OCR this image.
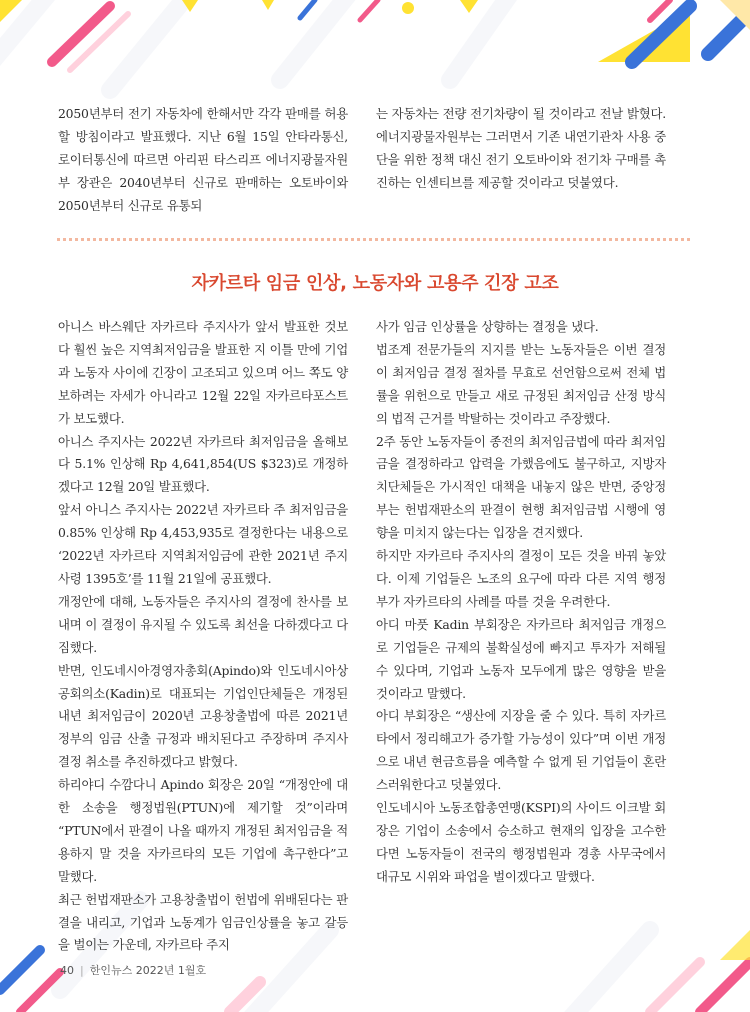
2050년부터 전기 자동차에 한해서만 각각 판매를 허용할 방침이라고 발표했다. 지난 6월 15일 안타라통신, 로이터통신에 따르면 아리핀 타스리프 에너지광물자원부 장관은 2040년부터 신규로 판매하는 오토바이와 2050년부터 신규로 유통되

는 자동차는 전량 전기차량이 될 것이라고 전날 밝혔다. 에너지광물자원부는 그러면서 기존 내연기관차 사용 중단을 위한 정책 대신 전기 오토바이와 전기차 구매를 촉진하는 인센티브를 제공할 것이라고 덧붙였다.

자카르타 임금 인상, 노동자와 고용주 긴장 고조

아니스 바스웨단 자카르타 주지사가 앞서 발표한 것보다 훨씬 높은 지역최저임금을 발표한 지 이틀 만에 기업과 노동자 사이에 긴장이 고조되고 있으며 어느 쪽도 양보하려는 자세가 아니라고 12월 22일 자카르타포스트가 보도했다.

아니스 주지사는 2022년 자카르타 최저임금을 올해보다 5.1% 인상해 Rp 4,641,854(US $323)로 개정하겠다고 12월 20일 발표했다.

앞서 아니스 주지사는 2022년 자카르타 주 최저임금을 0.85% 인상해 Rp 4,453,935로 결정한다는 내용으로 ‘2022년 자카르타 지역최저임금에 관한 2021년 주지사령 1395호’를 11월 21일에 공표했다.

개정안에 대해, 노동자들은 주지사의 결정에 찬사를 보내며 이 결정이 유지될 수 있도록 최선을 다하겠다고 다짐했다.

반면, 인도네시아경영자총회(Apindo)와 인도네시아상공회의소(Kadin)로 대표되는 기업인단체들은 개정된 내년 최저임금이 2020년 고용창출법에 따른 2021년 정부의 임금 산출 규정과 배치된다고 주장하며 주지사 결정 취소를 추진하겠다고 밝혔다.

하리야디 수깜다니 Apindo 회장은 20일 “개정안에 대한 소송을 행정법원(PTUN)에 제기할 것”이라며 “PTUN에서 판결이 나올 때까지 개정된 최저임금을 적용하지 말 것을 자카르타의 모든 기업에 촉구한다”고 말했다.

최근 헌법재판소가 고용창출법이 헌법에 위배된다는 판결을 내리고, 기업과 노동계가 임금인상률을 놓고 갈등을 벌이는 가운데, 자카르타 주지

사가 임금 인상률을 상향하는 결정을 냈다.

법조계 전문가들의 지지를 받는 노동자들은 이번 결정이 최저임금 결정 절차를 무효로 선언함으로써 전체 법률을 위헌으로 만들고 새로 규정된 최저임금 산정 방식의 법적 근거를 박탈하는 것이라고 주장했다.

2주 동안 노동자들이 종전의 최저임금법에 따라 최저임금을 결정하라고 압력을 가했음에도 불구하고, 지방자치단체들은 가시적인 대책을 내놓지 않은 반면, 중앙정부는 헌법재판소의 판결이 현행 최저임금법 시행에 영향을 미치지 않는다는 입장을 견지했다.

하지만 자카르타 주지사의 결정이 모든 것을 바꿔 놓았다. 이제 기업들은 노조의 요구에 따라 다른 지역 행정부가 자카르타의 사례를 따를 것을 우려한다.

아디 마풋 Kadin 부회장은 자카르타 최저임금 개정으로 기업들은 규제의 불확실성에 빠지고 투자가 저해될 수 있다며, 기업과 노동자 모두에게 많은 영향을 받을 것이라고 말했다.

아디 부회장은 “생산에 지장을 줄 수 있다. 특히 자카르타에서 정리해고가 증가할 가능성이 있다”며 이번 개정으로 내년 현금흐름을 예측할 수 없게 된 기업들이 혼란스러워한다고 덧붙였다.

인도네시아 노동조합총연맹(KSPI)의 사이드 이크발 회장은 기업이 소송에서 승소하고 현재의 입장을 고수한다면 노동자들이 전국의 행정법원과 경총 사무국에서 대규모 시위와 파업을 벌이겠다고 말했다.

40 | 한인뉴스 2022년 1월호
